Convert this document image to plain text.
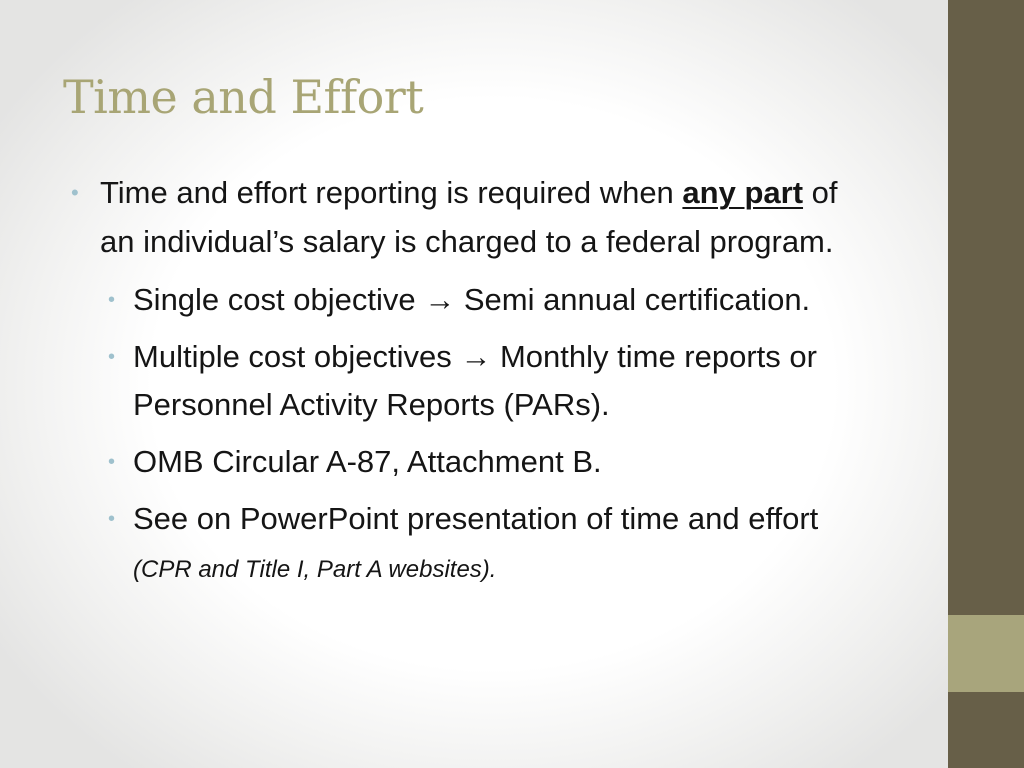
Time and Effort
• Time and effort reporting is required when any part of an individual’s salary is charged to a federal program.
• Single cost objective → Semi annual certification.
• Multiple cost objectives → Monthly time reports or Personnel Activity Reports (PARs).
• OMB Circular A-87, Attachment B.
• See on PowerPoint presentation of time and effort (CPR and Title I, Part A websites).
